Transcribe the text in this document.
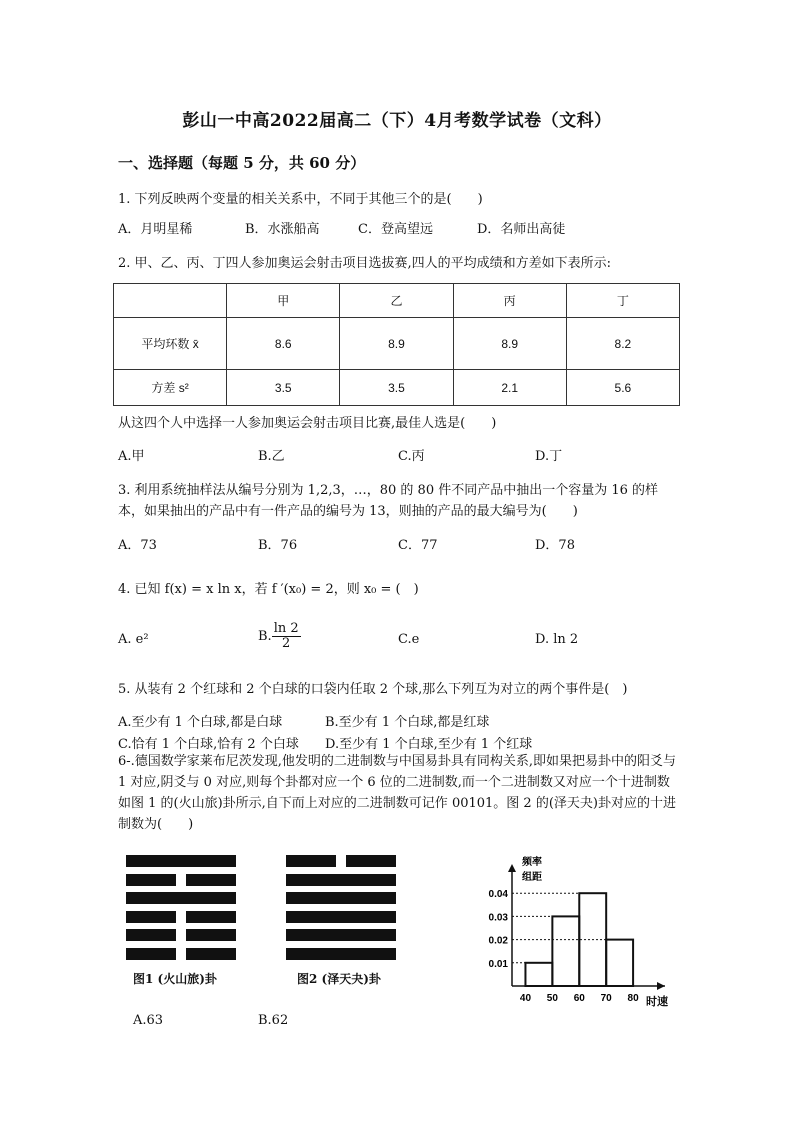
彭山一中高2022届高二（下）4月考数学试卷（文科）
一、选择题（每题 5 分，共 60 分）
1. 下列反映两个变量的相关关系中，不同于其他三个的是(　　)
A．月明星稀	B．水涨船高	C．登高望远	D．名师出高徒
2. 甲、乙、丙、丁四人参加奥运会射击项目选拔赛,四人的平均成绩和方差如下表所示:
	甲	乙	丙	丁
平均环数 x̄	8.6	8.9	8.9	8.2
方差 s²	3.5	3.5	2.1	5.6
从这四个人中选择一人参加奥运会射击项目比赛,最佳人选是(　　)
A.甲	B.乙	C.丙	D.丁
3. 利用系统抽样法从编号分别为 1,2,3，…，80 的 80 件不同产品中抽出一个容量为 16 的样
本，如果抽出的产品中有一件产品的编号为 13，则抽的产品的最大编号为(　　)
A．73	B．76	C．77	D．78
4. 已知 f(x) = x ln x，若 f ′(x₀) = 2，则 x₀ = (　)
A. e²	B. $\frac{\ln 2}{2}$	C.e	D. ln 2
5. 从装有 2 个红球和 2 个白球的口袋内任取 2 个球,那么下列互为对立的两个事件是(　)
A.至少有 1 个白球,都是白球	B.至少有 1 个白球,都是红球
C.恰有 1 个白球,恰有 2 个白球 D.至少有 1 个白球,至少有 1 个红球
6-.德国数学家莱布尼茨发现,他发明的二进制数与中国易卦具有同构关系,即如果把易卦中的阳爻与 1 对应,阴爻与 0 对应,则每个卦都对应一个 6 位的二进制数,而一个二进制数又对应一个十进制数如图 1 的(火山旅)卦所示,自下而上对应的二进制数可记作 00101。图 2 的(泽天夬)卦对应的十进制数为(　　)
图1 (火山旅)卦	图2 (泽天夬)卦
频率
组距
时速
0.01
0.02
0.03
0.04
40 50 60 70 80
A.63	B.62
